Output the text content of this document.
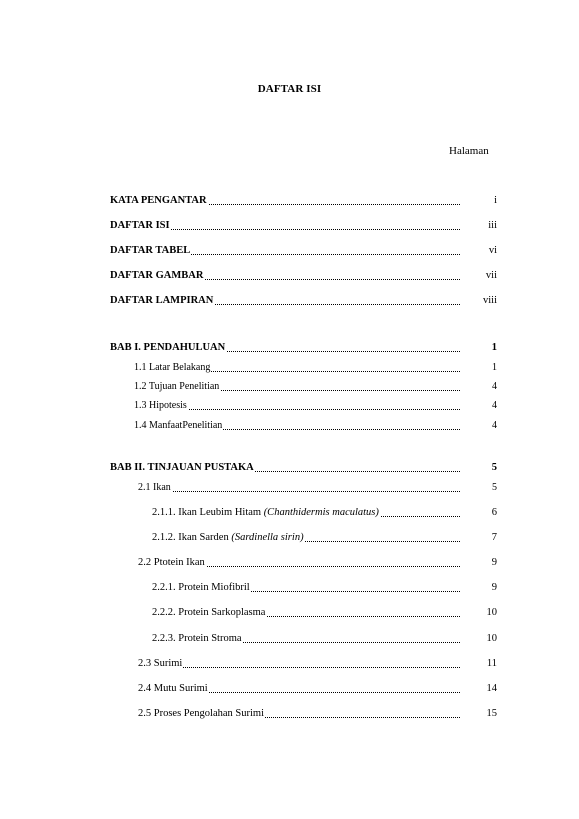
DAFTAR ISI
Halaman
KATA PENGANTAR	i
DAFTAR ISI	iii
DAFTAR TABEL	vi
DAFTAR GAMBAR	vii
DAFTAR LAMPIRAN	viii
BAB I. PENDAHULUAN	1
1.1 Latar Belakang	1
1.2 Tujuan Penelitian	4
1.3 Hipotesis	4
1.4 ManfaatPenelitian	4
BAB II. TINJAUAN PUSTAKA	5
2.1 Ikan	5
2.1.1. Ikan Leubim Hitam (Chanthidermis maculatus)	6
2.1.2. Ikan Sarden (Sardinella sirin)	7
2.2 Ptotein Ikan	9
2.2.1. Protein Miofibril	9
2.2.2. Protein Sarkoplasma	10
2.2.3. Protein Stroma	10
2.3 Surimi	11
2.4 Mutu Surimi	14
2.5 Proses Pengolahan Surimi	15
